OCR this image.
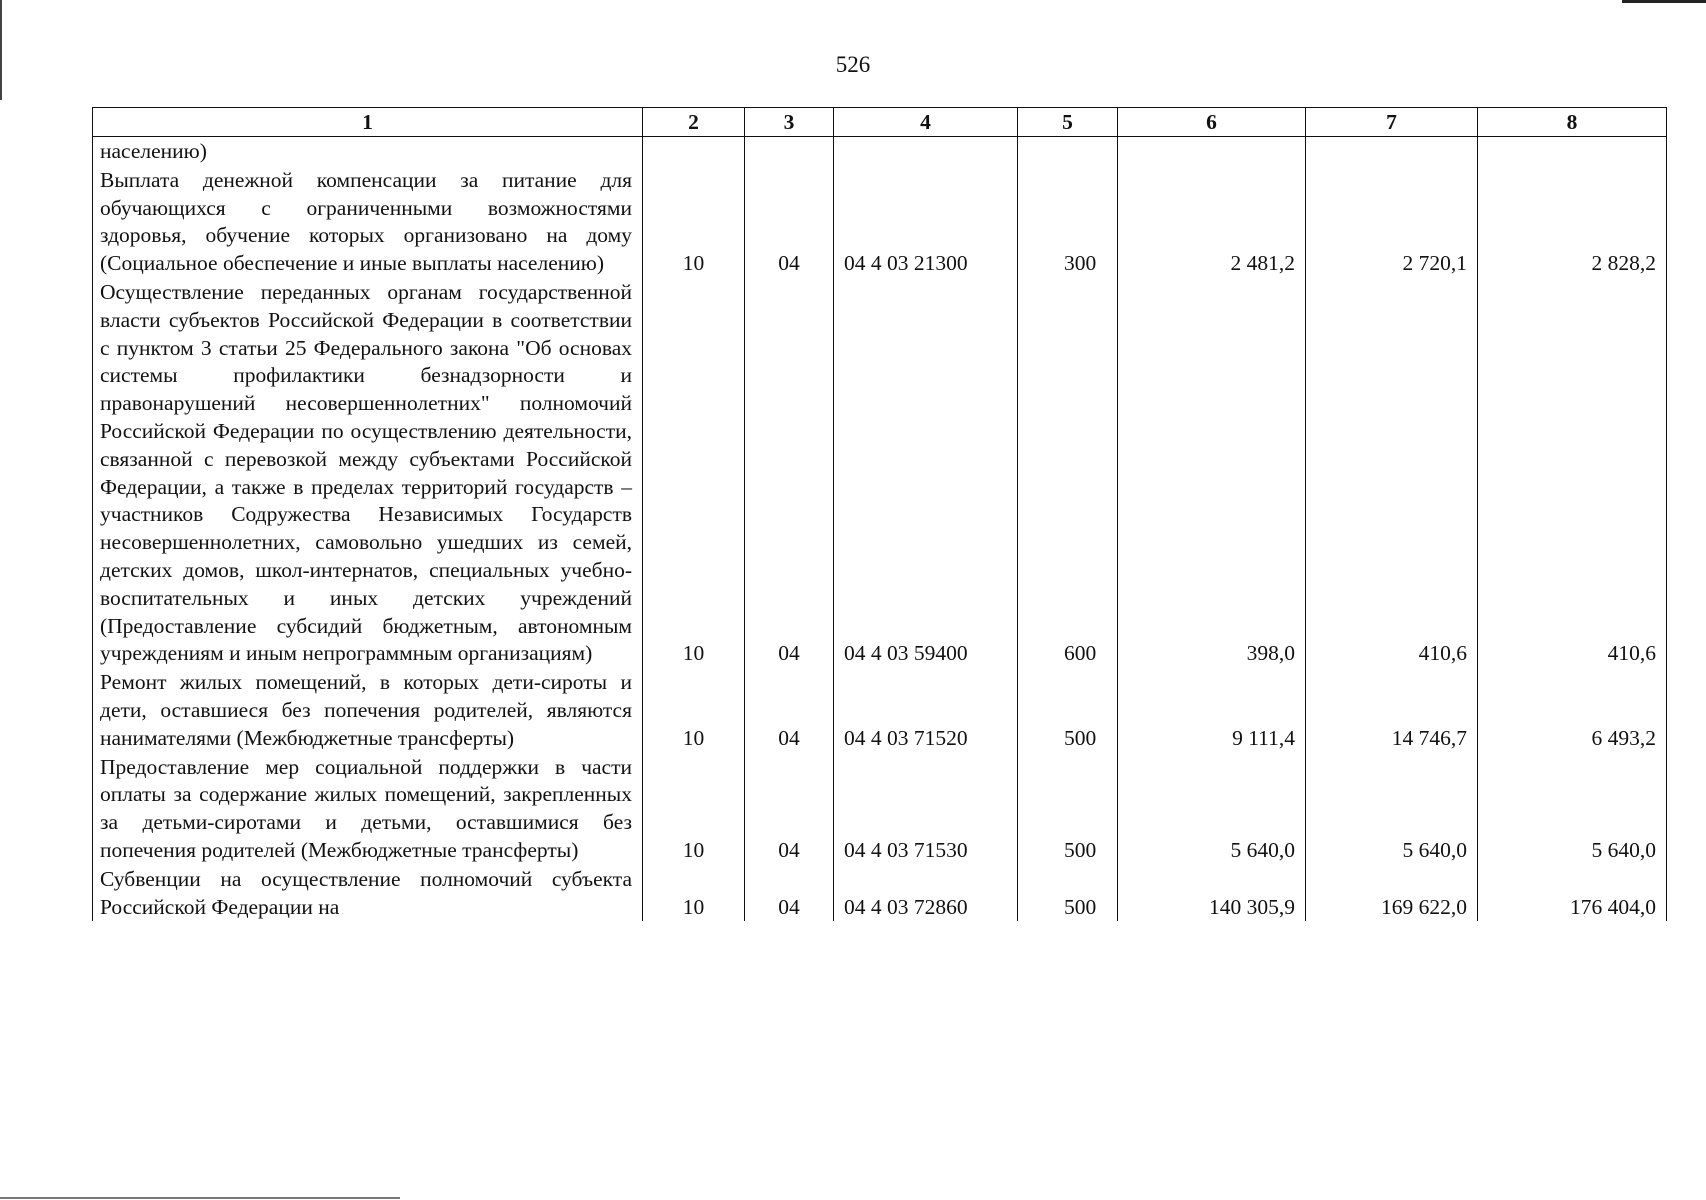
526
1	2	3	4	5	6	7	8
населению)							
Выплата денежной компенсации за питание для обучающихся с ограниченными возможностями здоровья, обучение которых организовано на дому (Социальное обеспечение и иные выплаты населению)	10	04	04 4 03 21300	300	2 481,2	2 720,1	2 828,2
Осуществление переданных органам государственной власти субъектов Российской Федерации в соответствии с пунктом 3 статьи 25 Федерального закона "Об основах системы профилактики безнадзорности и правонарушений несовершеннолетних" полномочий Российской Федерации по осуществлению деятельности, связанной с перевозкой между субъектами Российской Федерации, а также в пределах территорий государств – участников Содружества Независимых Государств несовершеннолетних, самовольно ушедших из семей, детских домов, школ-интернатов, специальных учебно-воспитательных и иных детских учреждений (Предоставление субсидий бюджетным, автономным учреждениям и иным непрограммным организациям)	10	04	04 4 03 59400	600	398,0	410,6	410,6
Ремонт жилых помещений, в которых дети-сироты и дети, оставшиеся без попечения родителей, являются нанимателями (Межбюджетные трансферты)	10	04	04 4 03 71520	500	9 111,4	14 746,7	6 493,2
Предоставление мер социальной поддержки в части оплаты за содержание жилых помещений, закрепленных за детьми-сиротами и детьми, оставшимися без попечения родителей (Межбюджетные трансферты)	10	04	04 4 03 71530	500	5 640,0	5 640,0	5 640,0
Субвенции на осуществление полномочий субъекта Российской Федерации на	10	04	04 4 03 72860	500	140 305,9	169 622,0	176 404,0
